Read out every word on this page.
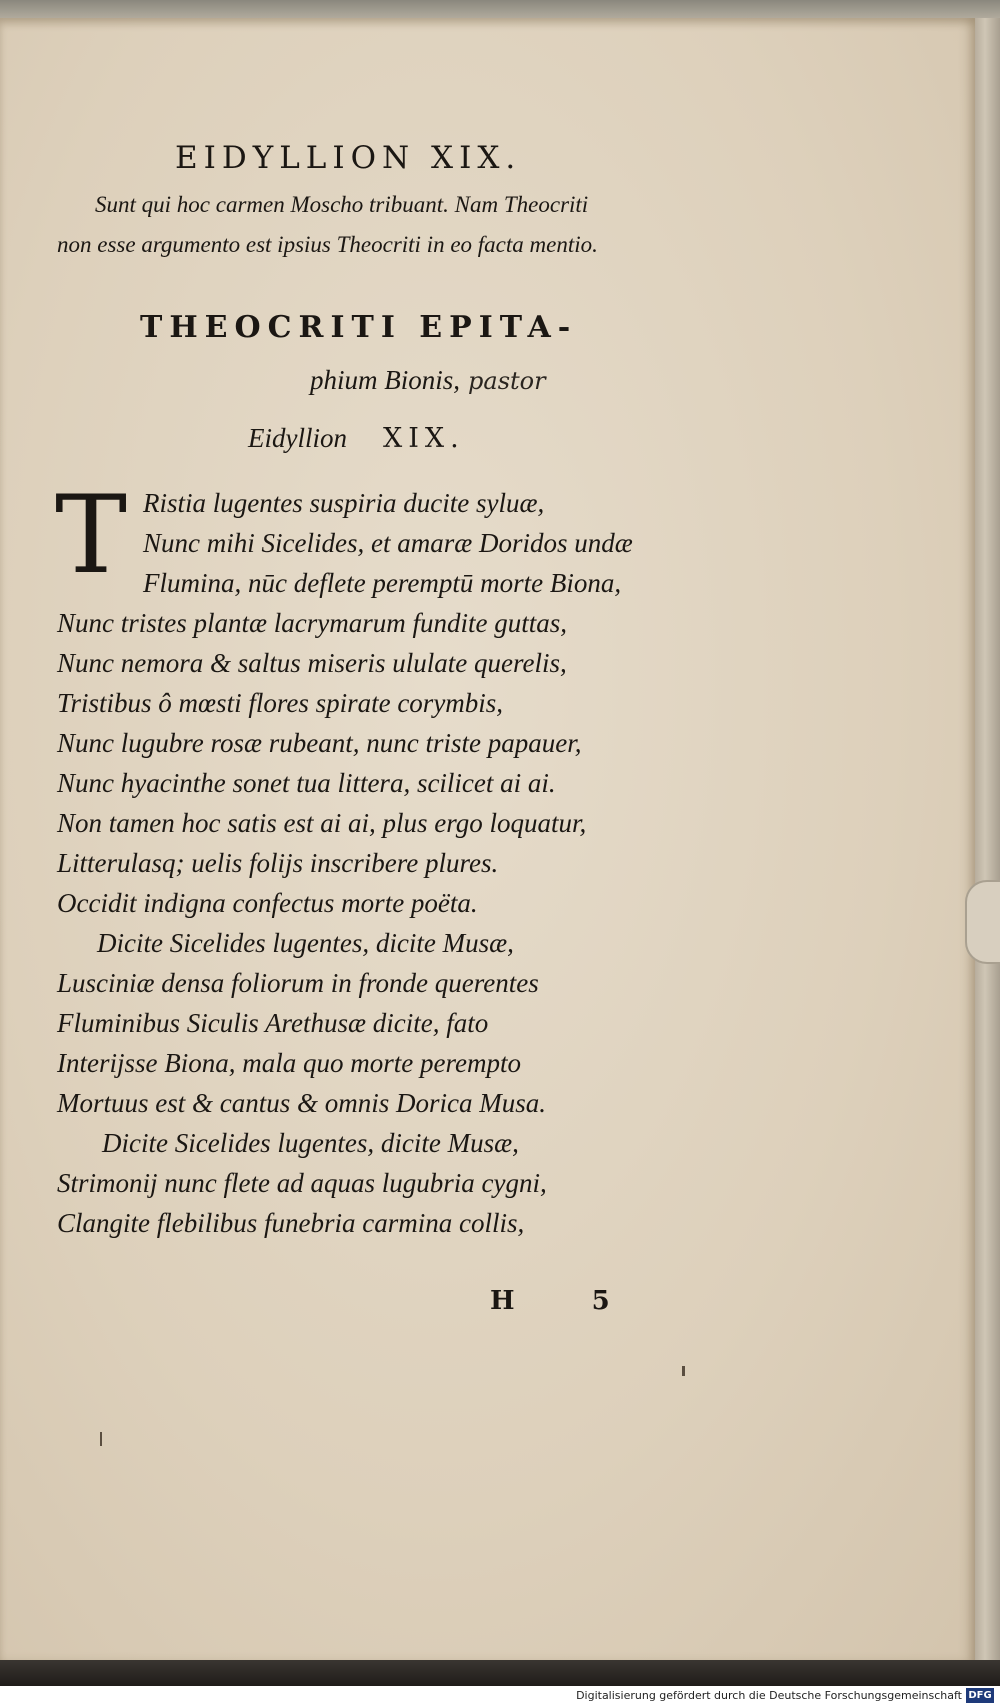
EIDYLLION XIX.
Sunt qui hoc carmen Moscho tribuant. Nam Theocriti
non esse argumento est ipsius Theocriti in eo facta mentio.
THEOCRITI EPITA-
phium Bionis, pastor
Eidyllion XIX.
T Ristia lugentes suspiria ducite syluæ,
Nunc mihi Sicelides, et amaræ Doridos undæ
Flumina, nūc deflete peremptū morte Biona,
Nunc tristes plantæ lacrymarum fundite guttas,
Nunc nemora & saltus miseris ululate querelis,
Tristibus ô mœsti flores spirate corymbis,
Nunc lugubre rosæ rubeant, nunc triste papauer,
Nunc hyacinthe sonet tua littera, scilicet ai ai.
Non tamen hoc satis est ai ai, plus ergo loquatur,
Litterulasq; uelis folijs inscribere plures.
Occidit indigna confectus morte poëta.
Dicite Sicelides lugentes, dicite Musæ,
Lusciniæ densa foliorum in fronde querentes
Fluminibus Siculis Arethusæ dicite, fato
Interijsse Biona, mala quo morte perempto
Mortuus est & cantus & omnis Dorica Musa.
Dicite Sicelides lugentes, dicite Musæ,
Strimonij nunc flete ad aquas lugubria cygni,
Clangite flebilibus funebria carmina collis,
H 5
Digitalisierung gefördert durch die Deutsche Forschungsgemeinschaft DFG
